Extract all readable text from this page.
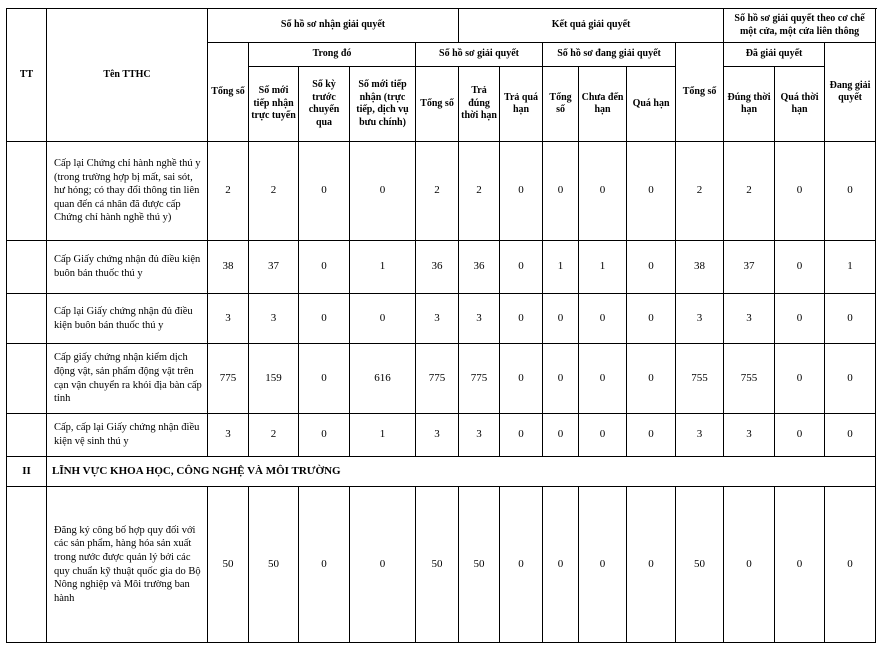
TT	Tên TTHC	Số hồ sơ nhận giải quyết					Kết quả giải quyết						Số hồ sơ giải quyết theo cơ chế một cửa, một cửa liên thông		
		Tổng số	Trong đó			Số hồ sơ giải quyết			Số hồ sơ đang giải quyết			Tổng số	Đã giải quyết		Đang giải quyết
			Số mới tiếp nhận trực tuyến	Số kỳ trước chuyển qua	Số mới tiếp nhận (trực tiếp, dịch vụ bưu chính)	Tổng số	Trả đúng thời hạn	Trả quá hạn	Tổng số	Chưa đến hạn	Quá hạn		Đúng thời hạn	Quá thời hạn	
	Cấp lại Chứng chỉ hành nghề thú y (trong trường hợp bị mất, sai sót, hư hỏng; có thay đổi thông tin liên quan đến cá nhân đã được cấp Chứng chỉ hành nghề thú y)	2	2	0	0	2	2	0	0	0	0	2	2	0	0
	Cấp Giấy chứng nhận đủ điều kiện buôn bán thuốc thú y	38	37	0	1	36	36	0	1	1	0	38	37	0	1
	Cấp lại Giấy chứng nhận đủ điều kiện buôn bán thuốc thú y	3	3	0	0	3	3	0	0	0	0	3	3	0	0
	Cấp giấy chứng nhận kiểm dịch động vật, sản phẩm động vật trên cạn vận chuyển ra khỏi địa bàn cấp tỉnh	775	159	0	616	775	775	0	0	0	0	755	755	0	0
	Cấp, cấp lại Giấy chứng nhận điều kiện vệ sinh thú y	3	2	0	1	3	3	0	0	0	0	3	3	0	0
II	LĨNH VỰC KHOA HỌC, CÔNG NGHỆ VÀ MÔI TRƯỜNG														
	Đăng ký công bố hợp quy đối với các sản phẩm, hàng hóa sản xuất trong nước được quản lý bởi các quy chuẩn kỹ thuật quốc gia do Bộ Nông nghiệp và Môi trường ban hành	50	50	0	0	50	50	0	0	0	0	50	0	0	0
